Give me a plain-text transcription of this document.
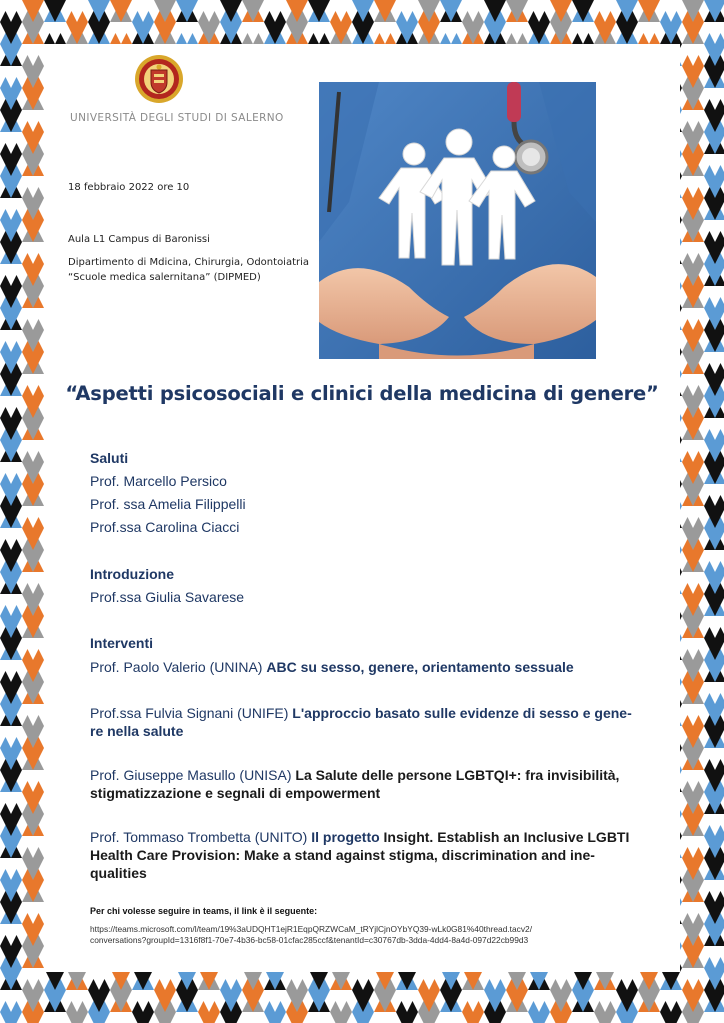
UNIVERSITÀ DEGLI STUDI DI SALERNO
18 febbraio 2022 ore 10
Aula L1 Campus di Baronissi
Dipartimento di Mdicina, Chirurgia, Odontoiatria
“Scuole medica salernitana” (DIPMED)
“Aspetti psicosociali e clinici della medicina di genere”
Saluti
Prof. Marcello Persico
Prof. ssa Amelia Filippelli
Prof.ssa Carolina Ciacci
Introduzione
Prof.ssa Giulia Savarese
Interventi
Prof. Paolo Valerio (UNINA) ABC su sesso, genere, orientamento sessuale
Prof.ssa Fulvia Signani (UNIFE) L'approccio basato sulle evidenze di sesso e gene-
re nella salute
Prof. Giuseppe Masullo (UNISA) La Salute delle persone LGBTQI+: fra invisibilità,
stigmatizzazione e segnali di empowerment
Prof. Tommaso Trombetta (UNITO) Il progetto Insight. Establish an Inclusive LGBTI
Health Care Provision: Make a stand against stigma, discrimination and ine-
qualities
Per chi volesse seguire in teams, il link è il seguente:
https://teams.microsoft.com/l/team/19%3aUDQHT1ejR1EqpQRZWCaM_tRYjlCjnOYbYQ39-wLk0G81%40thread.tacv2/
conversations?groupId=1316f8f1-70e7-4b36-bc58-01cfac285ccf&tenantId=c30767db-3dda-4dd4-8a4d-097d22cb99d3
